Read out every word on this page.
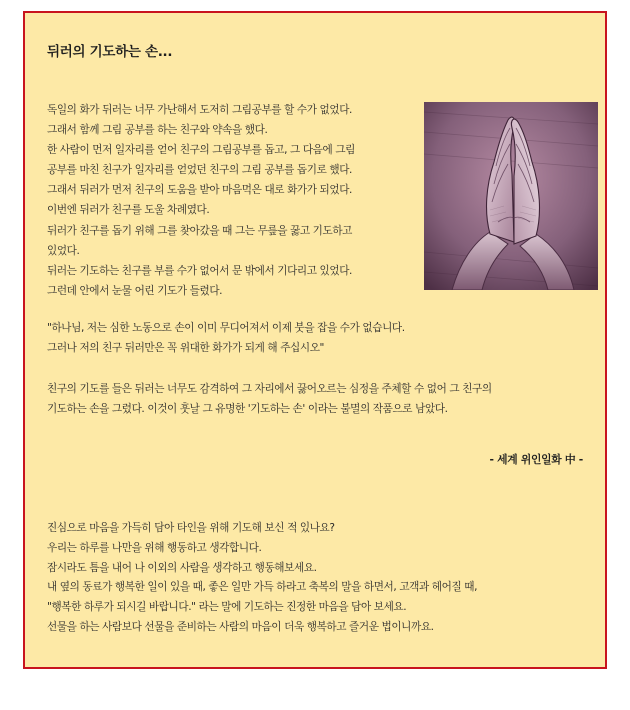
뒤러의 기도하는 손...

독일의 화가 뒤러는 너무 가난해서 도저히 그림공부를 할 수가 없었다.

그래서 함께 그림 공부를 하는 친구와 약속을 했다.

한 사람이 먼저 일자리를 얻어 친구의 그림공부를 돕고, 그 다음에 그림

공부를 마친 친구가 일자리를 얻었던 친구의 그림 공부를 돕기로 했다.

그래서 뒤러가 먼저 친구의 도움을 받아 마음먹은 대로 화가가 되었다.

이번엔 뒤러가 친구를 도울 차례였다.

뒤러가 친구를 돕기 위해 그를 찾아갔을 때 그는 무릎을 꿇고 기도하고

있었다.

뒤러는 기도하는 친구를 부를 수가 없어서 문 밖에서 기다리고 있었다.

그런데 안에서 눈물 어린 기도가 들렸다.

"하나님, 저는 심한 노동으로 손이 이미 무디어져서 이제 붓을 잡을 수가 없습니다.

그러나 저의 친구 뒤러만은 꼭 위대한 화가가 되게 해 주십시오"

친구의 기도를 들은 뒤러는 너무도 감격하여 그 자리에서 끓어오르는 심정을 주체할 수 없어 그 친구의

기도하는 손을 그렸다. 이것이 훗날 그 유명한 '기도하는 손' 이라는 불멸의 작품으로 남았다.

- 세계 위인일화 中 -

진심으로 마음을 가득히 담아 타인을 위해 기도해 보신 적 있나요?

우리는 하루를 나만을 위해 행동하고 생각합니다.

잠시라도 틈을 내어 나 이외의 사람을 생각하고 행동해보세요.

내 옆의 동료가 행복한 일이 있을 때, 좋은 일만 가득 하라고 축복의 말을 하면서, 고객과 헤어질 때,

"행복한 하루가 되시길 바랍니다." 라는 말에 기도하는 진정한 마음을 담아 보세요.

선물을 하는 사람보다 선물을 준비하는 사람의 마음이 더욱 행복하고 즐거운 법이니까요.
